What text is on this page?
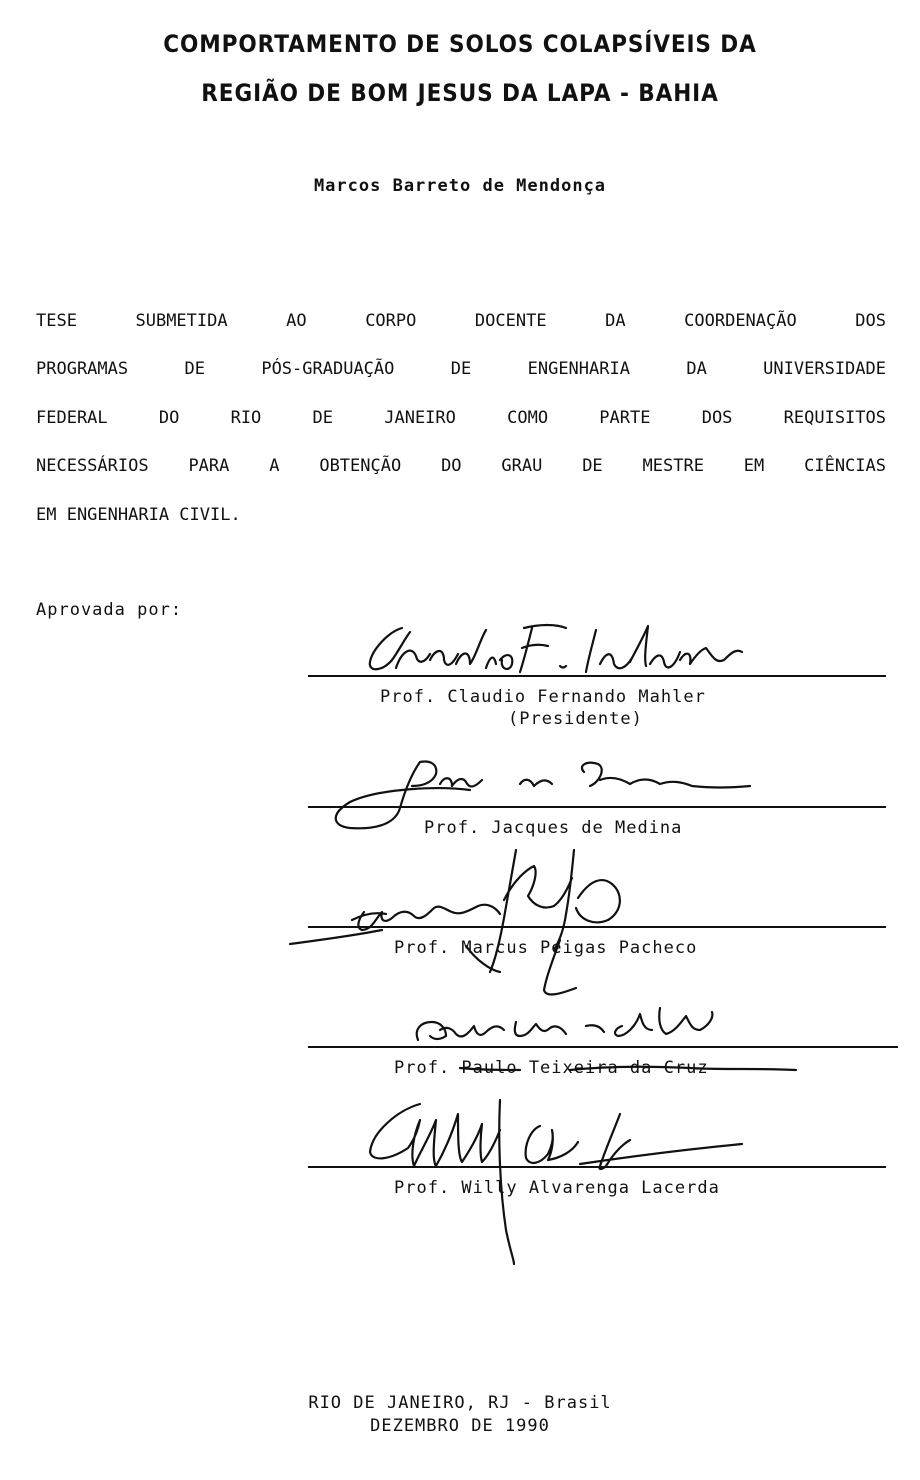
COMPORTAMENTO DE SOLOS COLAPSÍVEIS DA
REGIÃO DE BOM JESUS DA LAPA - BAHIA
Marcos Barreto de Mendonça
TESE SUBMETIDA AO CORPO DOCENTE DA COORDENAÇÃO DOS
PROGRAMAS DE PÓS-GRADUAÇÃO DE ENGENHARIA DA UNIVERSIDADE
FEDERAL DO RIO DE JANEIRO COMO PARTE DOS REQUISITOS
NECESSÁRIOS PARA A OBTENÇÃO DO GRAU DE MESTRE EM CIÊNCIAS
EM ENGENHARIA CIVIL.
Aprovada por:
Prof. Claudio Fernando Mahler
(Presidente)
Prof. Jacques de Medina
Prof. Marcus Peigas Pacheco
Prof. Paulo Teixeira da Cruz
Prof. Willy Alvarenga Lacerda
RIO DE JANEIRO, RJ - Brasil
DEZEMBRO DE 1990
